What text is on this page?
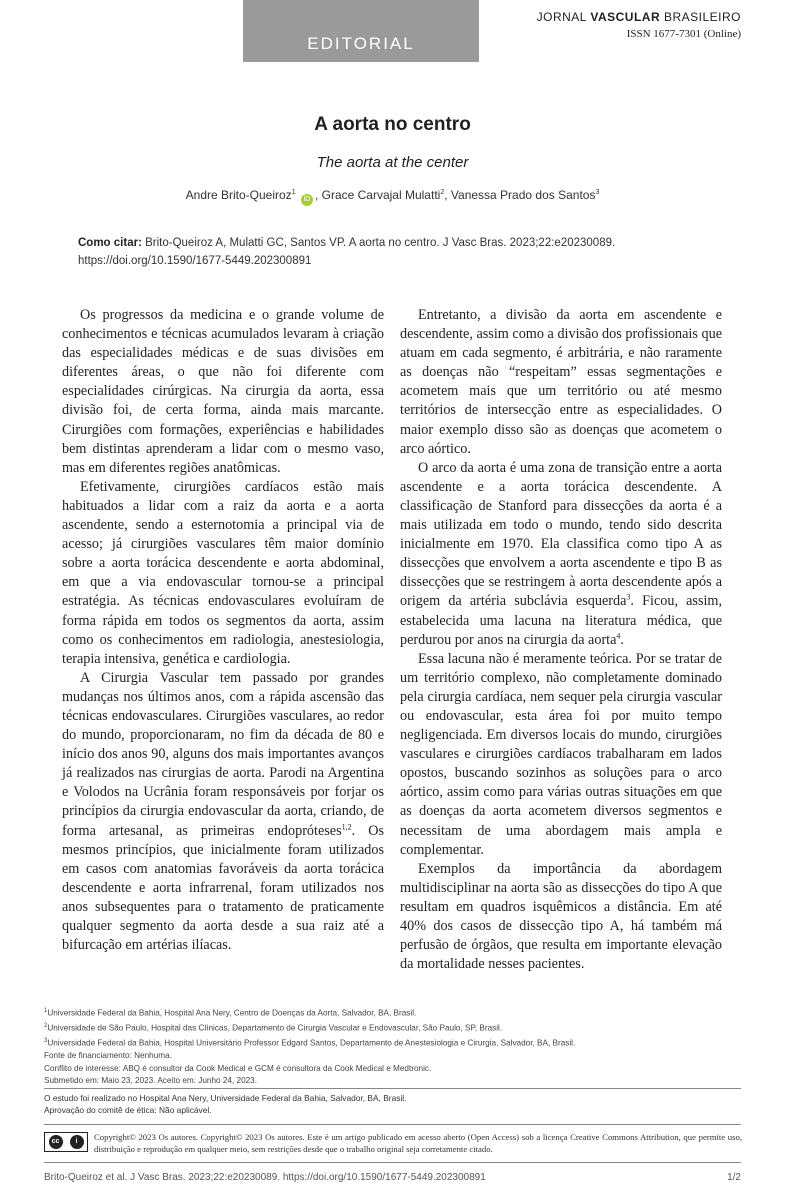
EDITORIAL
JORNAL VASCULAR BRASILEIRO
ISSN 1677-7301 (Online)
A aorta no centro
The aorta at the center
Andre Brito-Queiroz$^1$ iD , Grace Carvajal Mulatti$^2$, Vanessa Prado dos Santos$^3$
Como citar: Brito-Queiroz A, Mulatti GC, Santos VP. A aorta no centro. J Vasc Bras. 2023;22:e20230089. https://doi.org/10.1590/1677-5449.202300891

Os progressos da medicina e o grande volume de conhecimentos e técnicas acumulados levaram à criação das especialidades médicas e de suas divisões em diferentes áreas, o que não foi diferente com especialidades cirúrgicas. Na cirurgia da aorta, essa divisão foi, de certa forma, ainda mais marcante. Cirurgiões com formações, experiências e habilidades bem distintas aprenderam a lidar com o mesmo vaso, mas em diferentes regiões anatômicas.

Efetivamente, cirurgiões cardíacos estão mais habituados a lidar com a raiz da aorta e a aorta ascendente, sendo a esternotomia a principal via de acesso; já cirurgiões vasculares têm maior domínio sobre a aorta torácica descendente e aorta abdominal, em que a via endovascular tornou-se a principal estratégia. As técnicas endovasculares evoluíram de forma rápida em todos os segmentos da aorta, assim como os conhecimentos em radiologia, anestesiologia, terapia intensiva, genética e cardiologia.

A Cirurgia Vascular tem passado por grandes mudanças nos últimos anos, com a rápida ascensão das técnicas endovasculares. Cirurgiões vasculares, ao redor do mundo, proporcionaram, no fim da década de 80 e início dos anos 90, alguns dos mais importantes avanços já realizados nas cirurgias de aorta. Parodi na Argentina e Volodos na Ucrânia foram responsáveis por forjar os princípios da cirurgia endovascular da aorta, criando, de forma artesanal, as primeiras endopróteses$^{1,2}$. Os mesmos princípios, que inicialmente foram utilizados em casos com anatomias favoráveis da aorta torácica descendente e aorta infrarrenal, foram utilizados nos anos subsequentes para o tratamento de praticamente qualquer segmento da aorta desde a sua raiz até a bifurcação em artérias ilíacas.

Entretanto, a divisão da aorta em ascendente e descendente, assim como a divisão dos profissionais que atuam em cada segmento, é arbitrária, e não raramente as doenças não “respeitam” essas segmentações e acometem mais que um território ou até mesmo territórios de intersecção entre as especialidades. O maior exemplo disso são as doenças que acometem o arco aórtico.

O arco da aorta é uma zona de transição entre a aorta ascendente e a aorta torácica descendente. A classificação de Stanford para dissecções da aorta é a mais utilizada em todo o mundo, tendo sido descrita inicialmente em 1970. Ela classifica como tipo A as dissecções que envolvem a aorta ascendente e tipo B as dissecções que se restringem à aorta descendente após a origem da artéria subclávia esquerda$^3$. Ficou, assim, estabelecida uma lacuna na literatura médica, que perdurou por anos na cirurgia da aorta$^4$.

Essa lacuna não é meramente teórica. Por se tratar de um território complexo, não completamente dominado pela cirurgia cardíaca, nem sequer pela cirurgia vascular ou endovascular, esta área foi por muito tempo negligenciada. Em diversos locais do mundo, cirurgiões vasculares e cirurgiões cardíacos trabalharam em lados opostos, buscando sozinhos as soluções para o arco aórtico, assim como para várias outras situações em que as doenças da aorta acometem diversos segmentos e necessitam de uma abordagem mais ampla e complementar.

Exemplos da importância da abordagem multidisciplinar na aorta são as dissecções do tipo A que resultam em quadros isquêmicos a distância. Em até 40% dos casos de dissecção tipo A, há também má perfusão de órgãos, que resulta em importante elevação da mortalidade nesses pacientes.

$^1$Universidade Federal da Bahia, Hospital Ana Nery, Centro de Doenças da Aorta, Salvador, BA, Brasil.
$^2$Universidade de São Paulo, Hospital das Clínicas, Departamento de Cirurgia Vascular e Endovascular, São Paulo, SP, Brasil.
$^3$Universidade Federal da Bahia, Hospital Universitário Professor Edgard Santos, Departamento de Anestesiologia e Cirurgia, Salvador, BA, Brasil.
Fonte de financiamento: Nenhuma.
Conflito de interesse: ABQ é consultor da Cook Medical e GCM é consultora da Cook Medical e Medtronic.
Submetido em: Maio 23, 2023. Aceito em: Junho 24, 2023.
O estudo foi realizado no Hospital Ana Nery, Universidade Federal da Bahia, Salvador, BA, Brasil.
Aprovação do comitê de ética: Não aplicável.
cc	i	Copyright© 2023 Os autores. Copyright© 2023 Os autores. Este é um artigo publicado em acesso aberto (Open Access) sob a licença Creative Commons Attribution, que permite uso, distribuição e reprodução em qualquer meio, sem restrições desde que o trabalho original seja corretamente citado.
Brito-Queiroz et al. J Vasc Bras. 2023;22:e20230089. https://doi.org/10.1590/1677-5449.202300891	1/2
